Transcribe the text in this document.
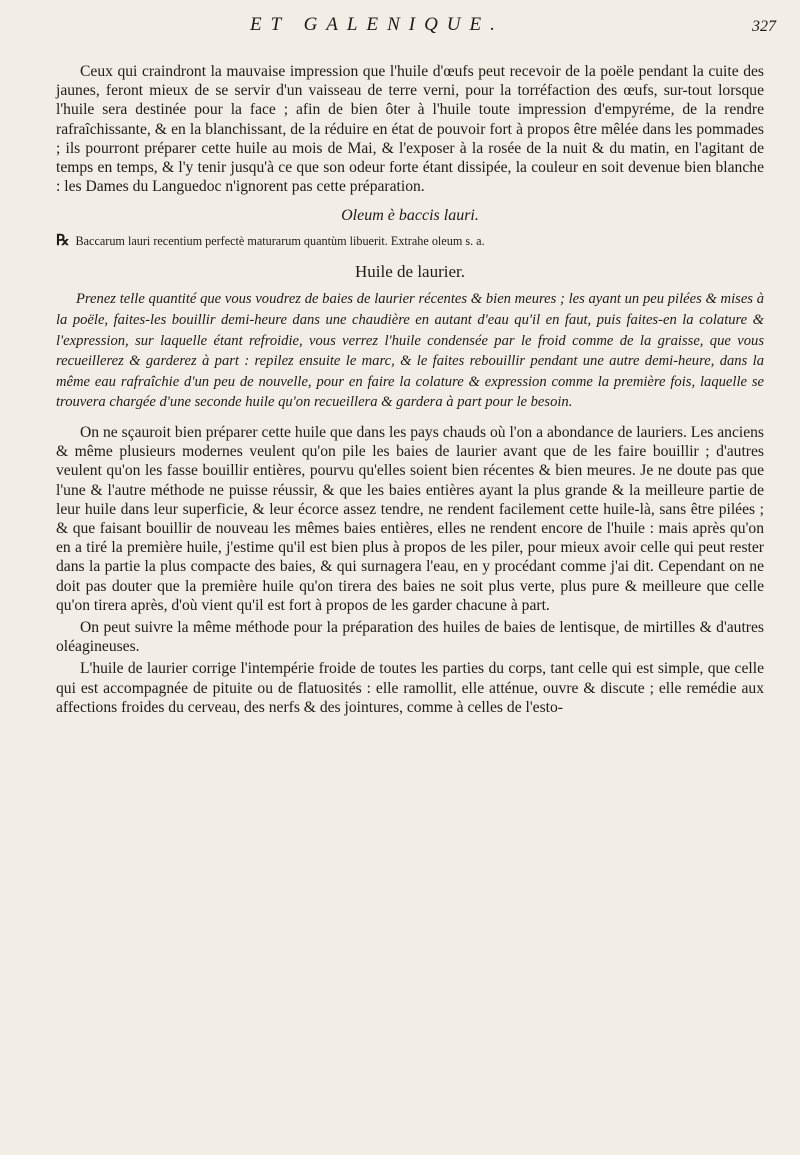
ET GALENIQUE.	327

Ceux qui craindront la mauvaise impression que l'huile d'œufs peut recevoir de la poële pendant la cuite des jaunes, feront mieux de se servir d'un vaisseau de terre verni, pour la torréfaction des œufs, sur-tout lorsque l'huile sera destinée pour la face ; afin de bien ôter à l'huile toute impression d'empyréme, de la rendre rafraîchissante, & en la blanchissant, de la réduire en état de pouvoir fort à propos être mêlée dans les pommades ; ils pourront préparer cette huile au mois de Mai, & l'exposer à la rosée de la nuit & du matin, en l'agitant de temps en temps, & l'y tenir jusqu'à ce que son odeur forte étant dissipée, la couleur en soit devenue bien blanche : les Dames du Languedoc n'ignorent pas cette préparation.

Oleum è baccis lauri.

℞ Baccarum lauri recentium perfectè maturarum quantùm libuerit. Extrahe oleum s. a.

Huile de laurier.

Prenez telle quantité que vous voudrez de baies de laurier récentes & bien meures ; les ayant un peu pilées & mises à la poële, faites-les bouillir demi-heure dans une chaudière en autant d'eau qu'il en faut, puis faites-en la colature & l'expression, sur laquelle étant refroidie, vous verrez l'huile condensée par le froid comme de la graisse, que vous recueillerez & garderez à part : repilez ensuite le marc, & le faites rebouillir pendant une autre demi-heure, dans la même eau rafraîchie d'un peu de nouvelle, pour en faire la colature & expression comme la première fois, laquelle se trouvera chargée d'une seconde huile qu'on recueillera & gardera à part pour le besoin.

On ne sçauroit bien préparer cette huile que dans les pays chauds où l'on a abondance de lauriers. Les anciens & même plusieurs modernes veulent qu'on pile les baies de laurier avant que de les faire bouillir ; d'autres veulent qu'on les fasse bouillir entières, pourvu qu'elles soient bien récentes & bien meures. Je ne doute pas que l'une & l'autre méthode ne puisse réussir, & que les baies entières ayant la plus grande & la meilleure partie de leur huile dans leur superficie, & leur écorce assez tendre, ne rendent facilement cette huile-là, sans être pilées ; & que faisant bouillir de nouveau les mêmes baies entières, elles ne rendent encore de l'huile : mais après qu'on en a tiré la première huile, j'estime qu'il est bien plus à propos de les piler, pour mieux avoir celle qui peut rester dans la partie la plus compacte des baies, & qui surnagera l'eau, en y procédant comme j'ai dit. Cependant on ne doit pas douter que la première huile qu'on tirera des baies ne soit plus verte, plus pure & meilleure que celle qu'on tirera après, d'où vient qu'il est fort à propos de les garder chacune à part.

On peut suivre la même méthode pour la préparation des huiles de baies de lentisque, de mirtilles & d'autres oléagineuses.

L'huile de laurier corrige l'intempérie froide de toutes les parties du corps, tant celle qui est simple, que celle qui est accompagnée de pituite ou de flatuosités : elle ramollit, elle atténue, ouvre & discute ; elle remédie aux affections froides du cerveau, des nerfs & des jointures, comme à celles de l'esto-
